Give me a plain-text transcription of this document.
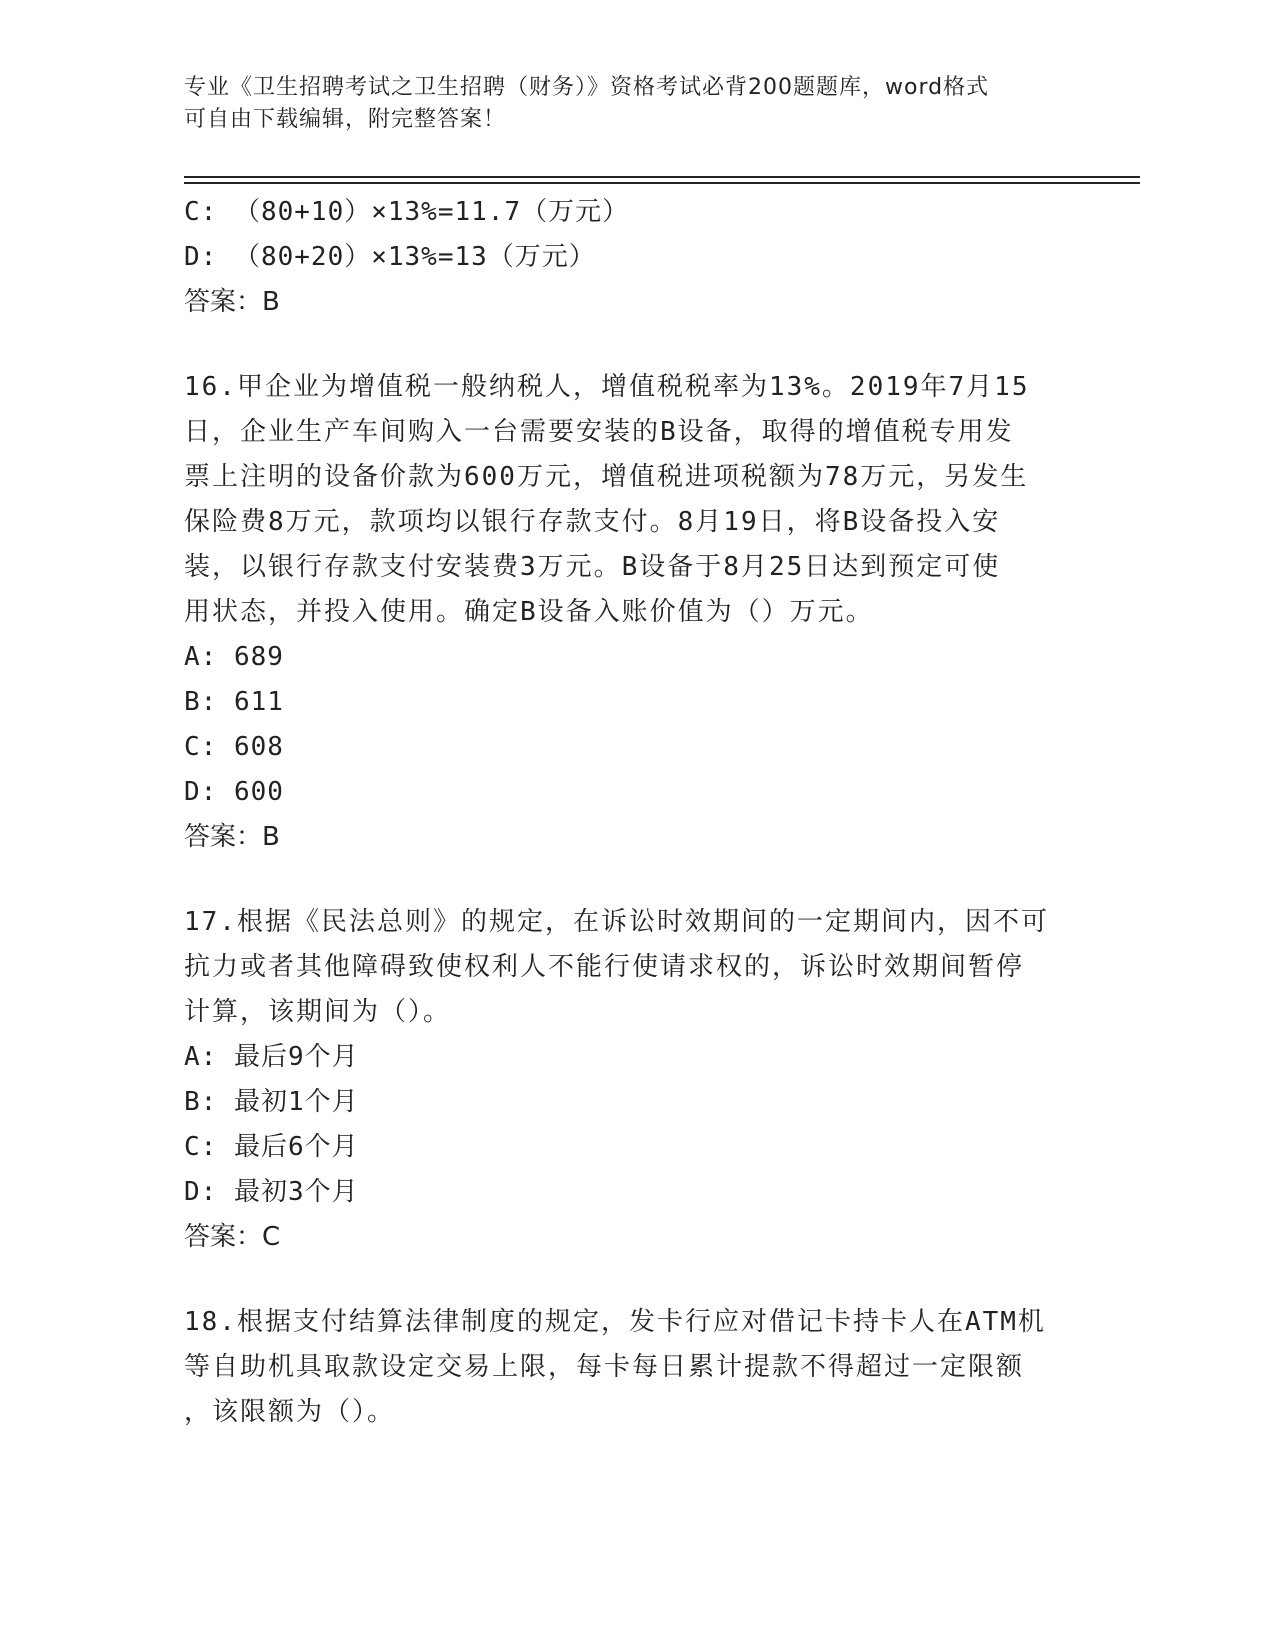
专业《卫生招聘考试之卫生招聘（财务）》资格考试必背200题题库，word格式
可自由下载编辑，附完整答案！
C: （80+10）×13%=11.7（万元）
D: （80+20）×13%=13（万元）
答案：B
16.甲企业为增值税一般纳税人，增值税税率为13%。2019年7月15
日，企业生产车间购入一台需要安装的B设备，取得的增值税专用发
票上注明的设备价款为600万元，增值税进项税额为78万元，另发生
保险费8万元，款项均以银行存款支付。8月19日，将B设备投入安
装，以银行存款支付安装费3万元。B设备于8月25日达到预定可使
用状态，并投入使用。确定B设备入账价值为（）万元。
A: 689
B: 611
C: 608
D: 600
答案：B
17.根据《民法总则》的规定，在诉讼时效期间的一定期间内，因不可
抗力或者其他障碍致使权利人不能行使请求权的，诉讼时效期间暂停
计算，该期间为（）。
A: 最后9个月
B: 最初1个月
C: 最后6个月
D: 最初3个月
答案：C
18.根据支付结算法律制度的规定，发卡行应对借记卡持卡人在ATM机
等自助机具取款设定交易上限，每卡每日累计提款不得超过一定限额
，该限额为（）。
